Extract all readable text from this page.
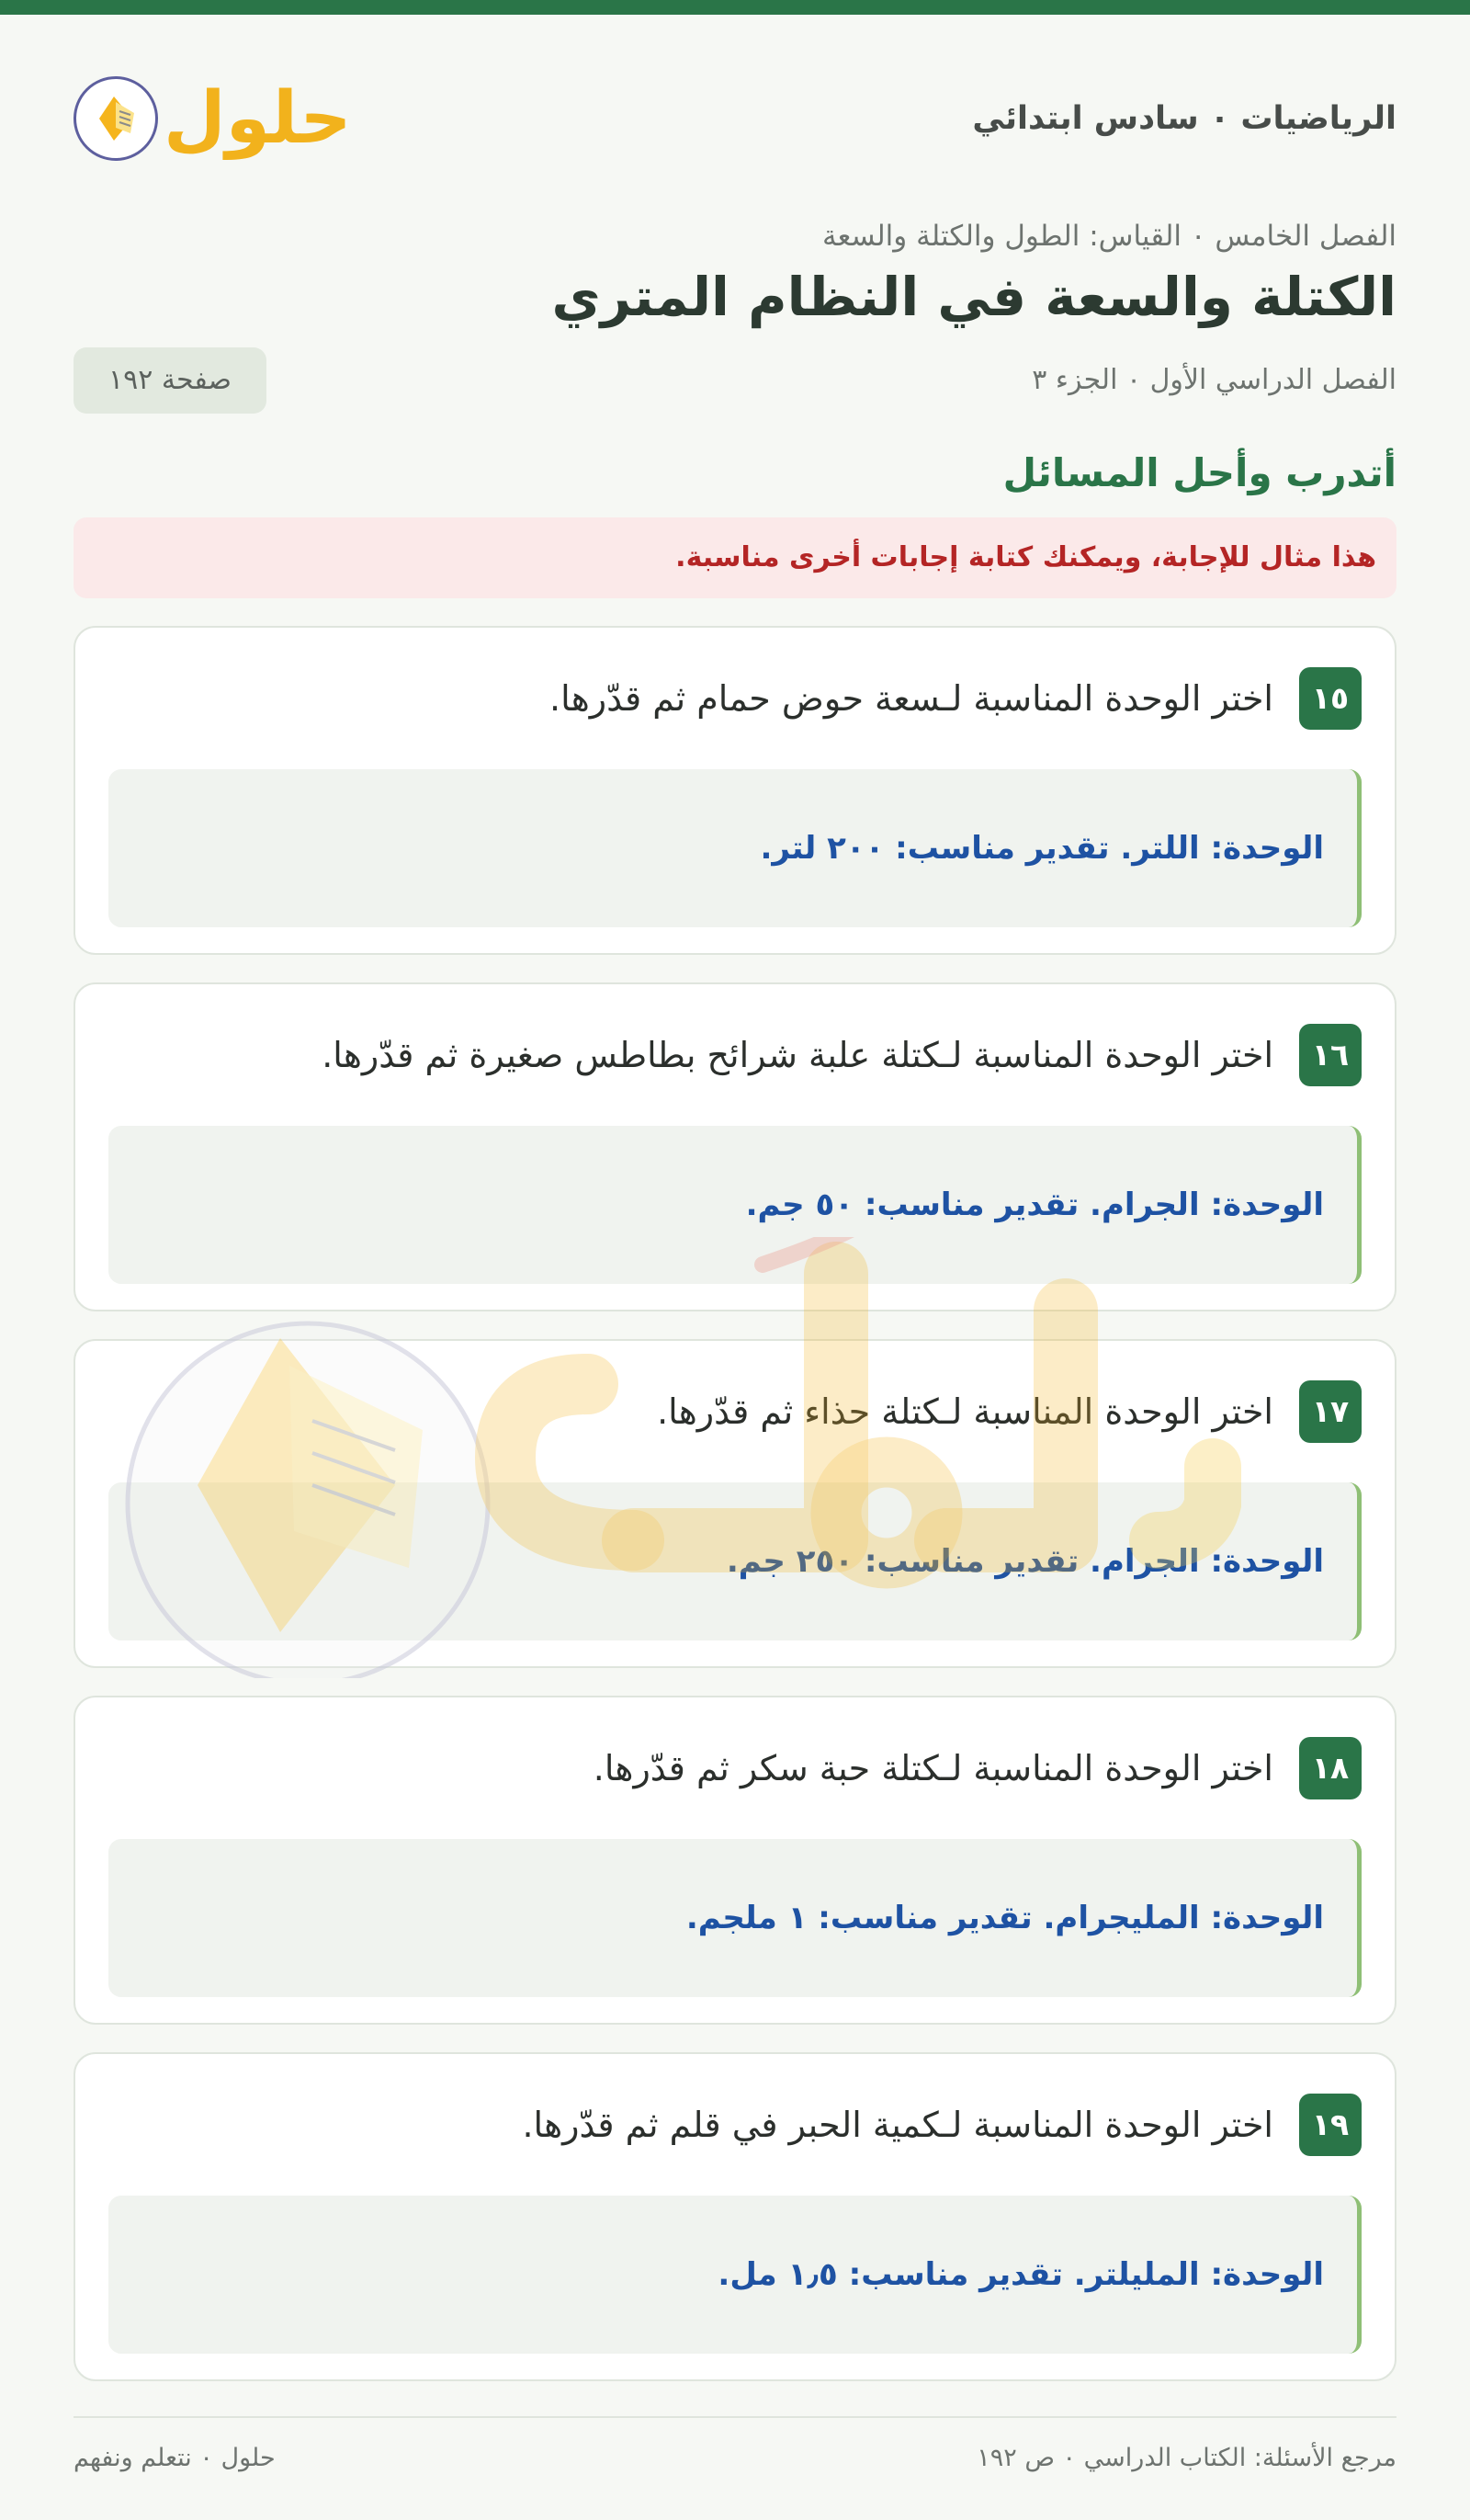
الرياضيات ٠ سادس ابتدائي
حلول
الفصل الخامس ٠ القياس: الطول والكتلة والسعة
الكتلة والسعة في النظام المتري
الفصل الدراسي الأول ٠ الجزء ٣
صفحة ١٩٢
أتدرب وأحل المسائل
هذا مثال للإجابة، ويمكنك كتابة إجابات أخرى مناسبة.
١٥
اختر الوحدة المناسبة لـسعة حوض حمام ثم قدّرها.
الوحدة: اللتر. تقدير مناسب: ٢٠٠ لتر.
١٦
اختر الوحدة المناسبة لـكتلة علبة شرائح بطاطس صغيرة ثم قدّرها.
الوحدة: الجرام. تقدير مناسب: ٥٠ جم.
١٧
اختر الوحدة المناسبة لـكتلة حذاء ثم قدّرها.
الوحدة: الجرام. تقدير مناسب: ٢٥٠ جم.
١٨
اختر الوحدة المناسبة لـكتلة حبة سكر ثم قدّرها.
الوحدة: المليجرام. تقدير مناسب: ١ ملجم.
١٩
اختر الوحدة المناسبة لـكمية الحبر في قلم ثم قدّرها.
الوحدة: المليلتر. تقدير مناسب: ١٫٥ مل.
مرجع الأسئلة: الكتاب الدراسي ٠ ص ١٩٢
حلول ٠ نتعلم ونفهم
